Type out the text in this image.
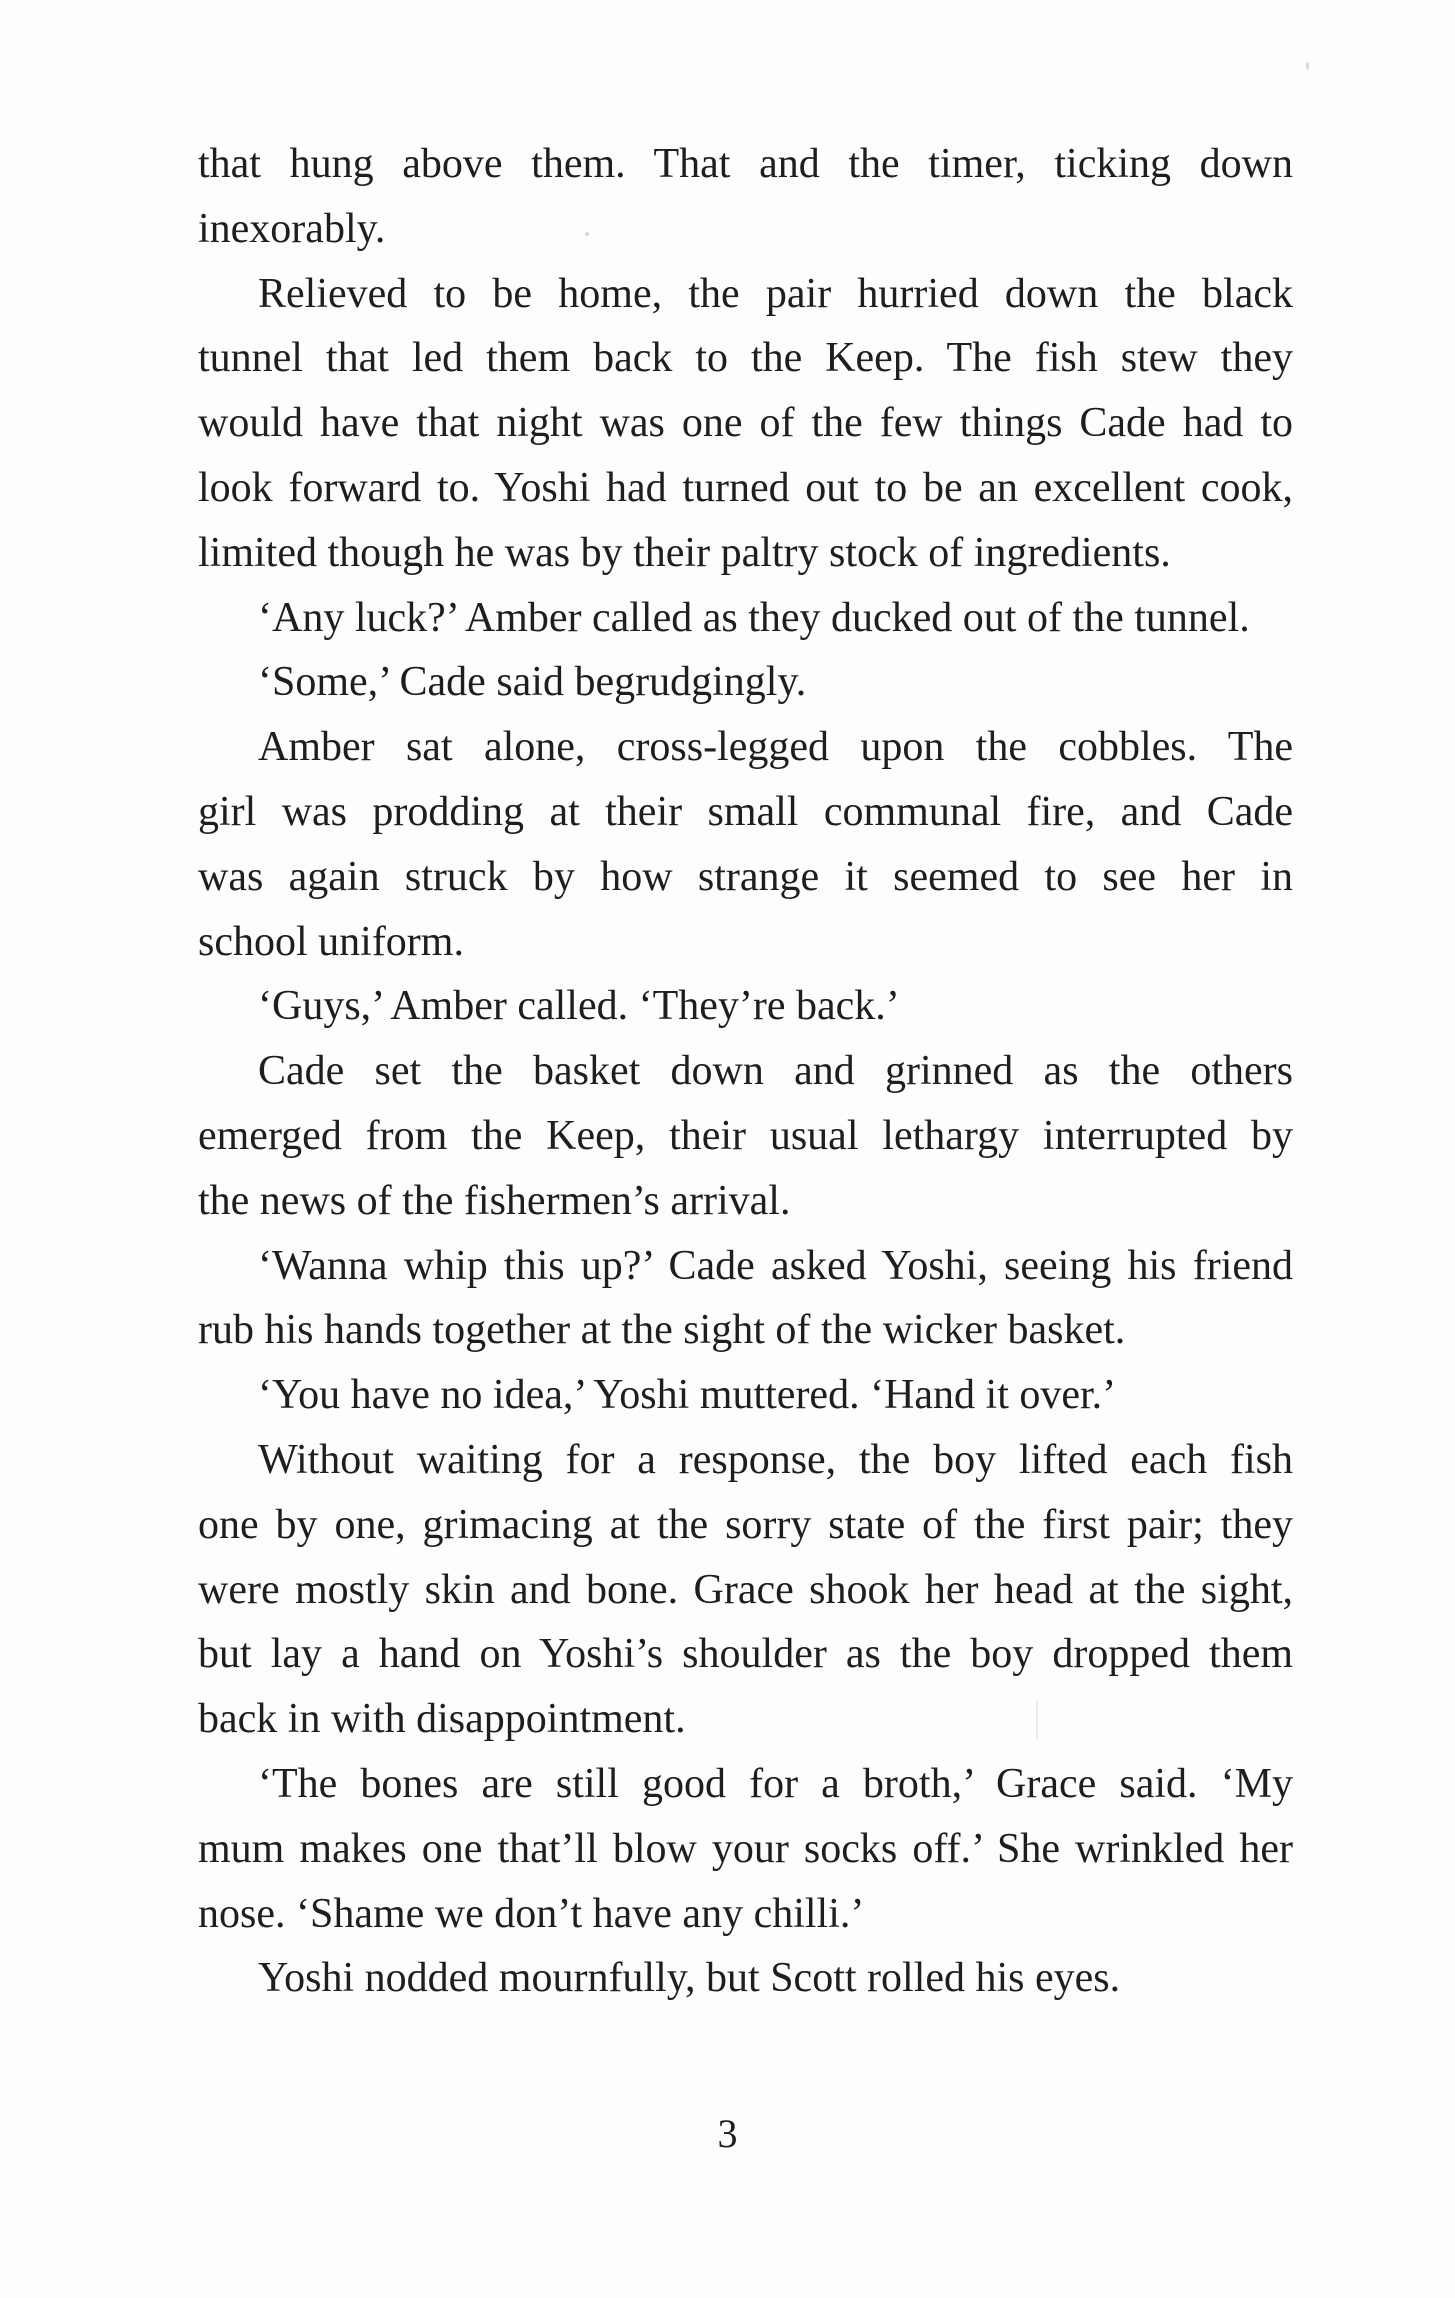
that hung above them. That and the timer, ticking down
inexorably.
Relieved to be home, the pair hurried down the black
tunnel that led them back to the Keep. The fish stew they
would have that night was one of the few things Cade had to
look forward to. Yoshi had turned out to be an excellent cook,
limited though he was by their paltry stock of ingredients.
‘Any luck?’ Amber called as they ducked out of the tunnel.
‘Some,’ Cade said begrudgingly.
Amber sat alone, cross-legged upon the cobbles. The
girl was prodding at their small communal fire, and Cade
was again struck by how strange it seemed to see her in
school uniform.
‘Guys,’ Amber called. ‘They’re back.’
Cade set the basket down and grinned as the others
emerged from the Keep, their usual lethargy interrupted by
the news of the fishermen’s arrival.
‘Wanna whip this up?’ Cade asked Yoshi, seeing his friend
rub his hands together at the sight of the wicker basket.
‘You have no idea,’ Yoshi muttered. ‘Hand it over.’
Without waiting for a response, the boy lifted each fish
one by one, grimacing at the sorry state of the first pair; they
were mostly skin and bone. Grace shook her head at the sight,
but lay a hand on Yoshi’s shoulder as the boy dropped them
back in with disappointment.
‘The bones are still good for a broth,’ Grace said. ‘My
mum makes one that’ll blow your socks off.’ She wrinkled her
nose. ‘Shame we don’t have any chilli.’
Yoshi nodded mournfully, but Scott rolled his eyes.
3
